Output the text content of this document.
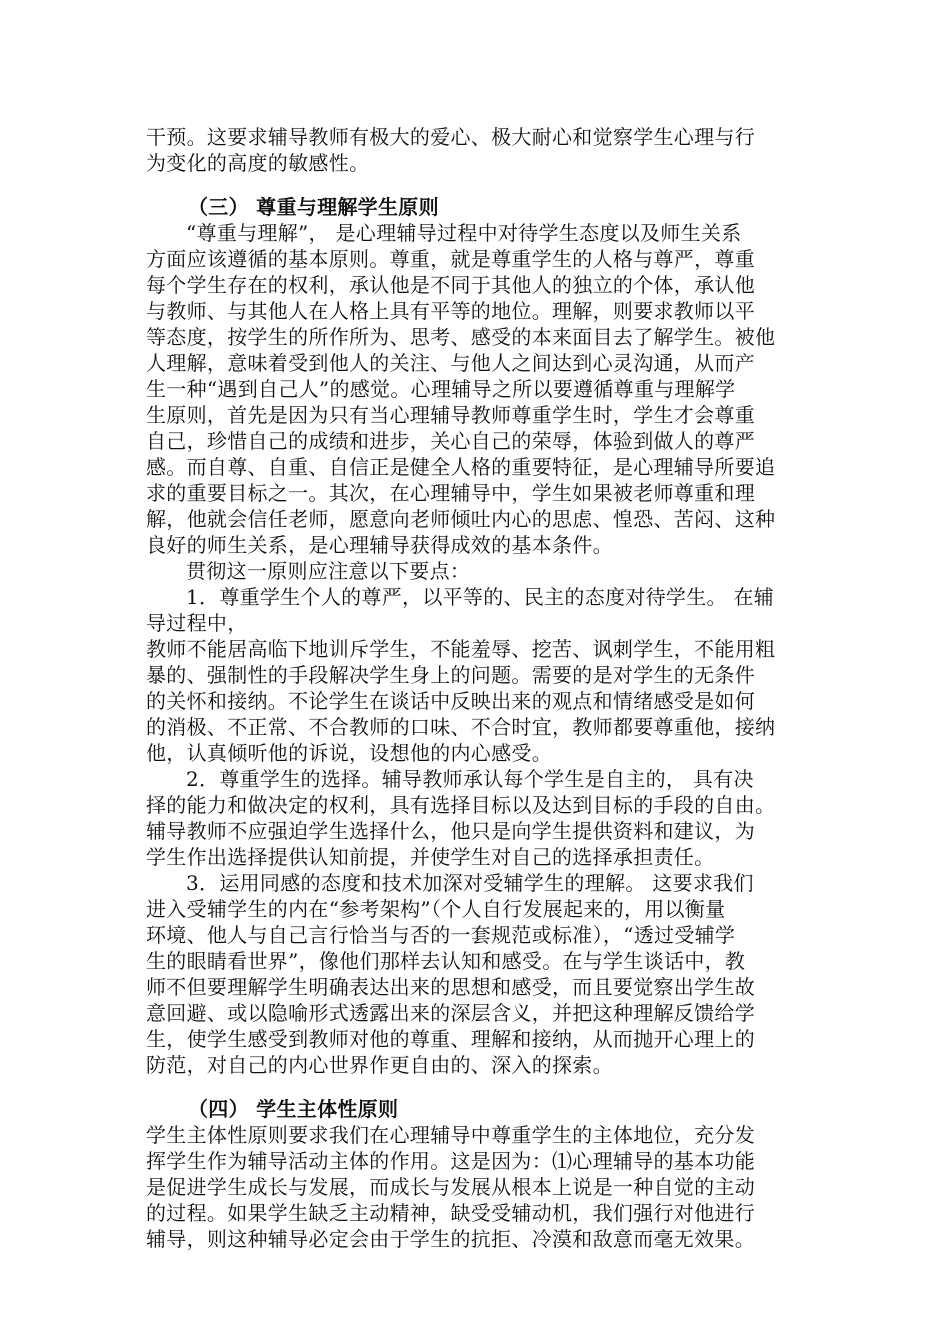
干预。这要求辅导教师有极大的爱心、极大耐心和觉察学生心理与行
为变化的高度的敏感性。
（三） 尊重与理解学生原则
“尊重与理解”， 是心理辅导过程中对待学生态度以及师生关系
方面应该遵循的基本原则。尊重，就是尊重学生的人格与尊严，尊重
每个学生存在的权利，承认他是不同于其他人的独立的个体，承认他
与教师、与其他人在人格上具有平等的地位。理解，则要求教师以平
等态度，按学生的所作所为、思考、感受的本来面目去了解学生。被他
人理解，意味着受到他人的关注、与他人之间达到心灵沟通，从而产
生一种“遇到自己人”的感觉。心理辅导之所以要遵循尊重与理解学
生原则，首先是因为只有当心理辅导教师尊重学生时，学生才会尊重
自己，珍惜自己的成绩和进步，关心自己的荣辱，体验到做人的尊严
感。而自尊、自重、自信正是健全人格的重要特征，是心理辅导所要追
求的重要目标之一。其次，在心理辅导中，学生如果被老师尊重和理
解，他就会信任老师，愿意向老师倾吐内心的思虑、惶恐、苦闷、这种
良好的师生关系，是心理辅导获得成效的基本条件。
贯彻这一原则应注意以下要点：
1．尊重学生个人的尊严，以平等的、民主的态度对待学生。 在辅
导过程中，
教师不能居高临下地训斥学生，不能羞辱、挖苦、讽刺学生，不能用粗
暴的、强制性的手段解决学生身上的问题。需要的是对学生的无条件
的关怀和接纳。不论学生在谈话中反映出来的观点和情绪感受是如何
的消极、不正常、不合教师的口味、不合时宜，教师都要尊重他，接纳
他，认真倾听他的诉说，设想他的内心感受。
2．尊重学生的选择。辅导教师承认每个学生是自主的， 具有决
择的能力和做决定的权利，具有选择目标以及达到目标的手段的自由。
辅导教师不应强迫学生选择什么，他只是向学生提供资料和建议，为
学生作出选择提供认知前提，并使学生对自己的选择承担责任。
3．运用同感的态度和技术加深对受辅学生的理解。 这要求我们
进入受辅学生的内在“参考架构”（个人自行发展起来的，用以衡量
环境、他人与自己言行恰当与否的一套规范或标准），“透过受辅学
生的眼睛看世界”，像他们那样去认知和感受。在与学生谈话中，教
师不但要理解学生明确表达出来的思想和感受，而且要觉察出学生故
意回避、或以隐喻形式透露出来的深层含义，并把这种理解反馈给学
生，使学生感受到教师对他的尊重、理解和接纳，从而抛开心理上的
防范，对自己的内心世界作更自由的、深入的探索。
（四） 学生主体性原则
学生主体性原则要求我们在心理辅导中尊重学生的主体地位，充分发
挥学生作为辅导活动主体的作用。这是因为：⑴心理辅导的基本功能
是促进学生成长与发展，而成长与发展从根本上说是一种自觉的主动
的过程。如果学生缺乏主动精神，缺受受辅动机，我们强行对他进行
辅导，则这种辅导必定会由于学生的抗拒、冷漠和敌意而毫无效果。
